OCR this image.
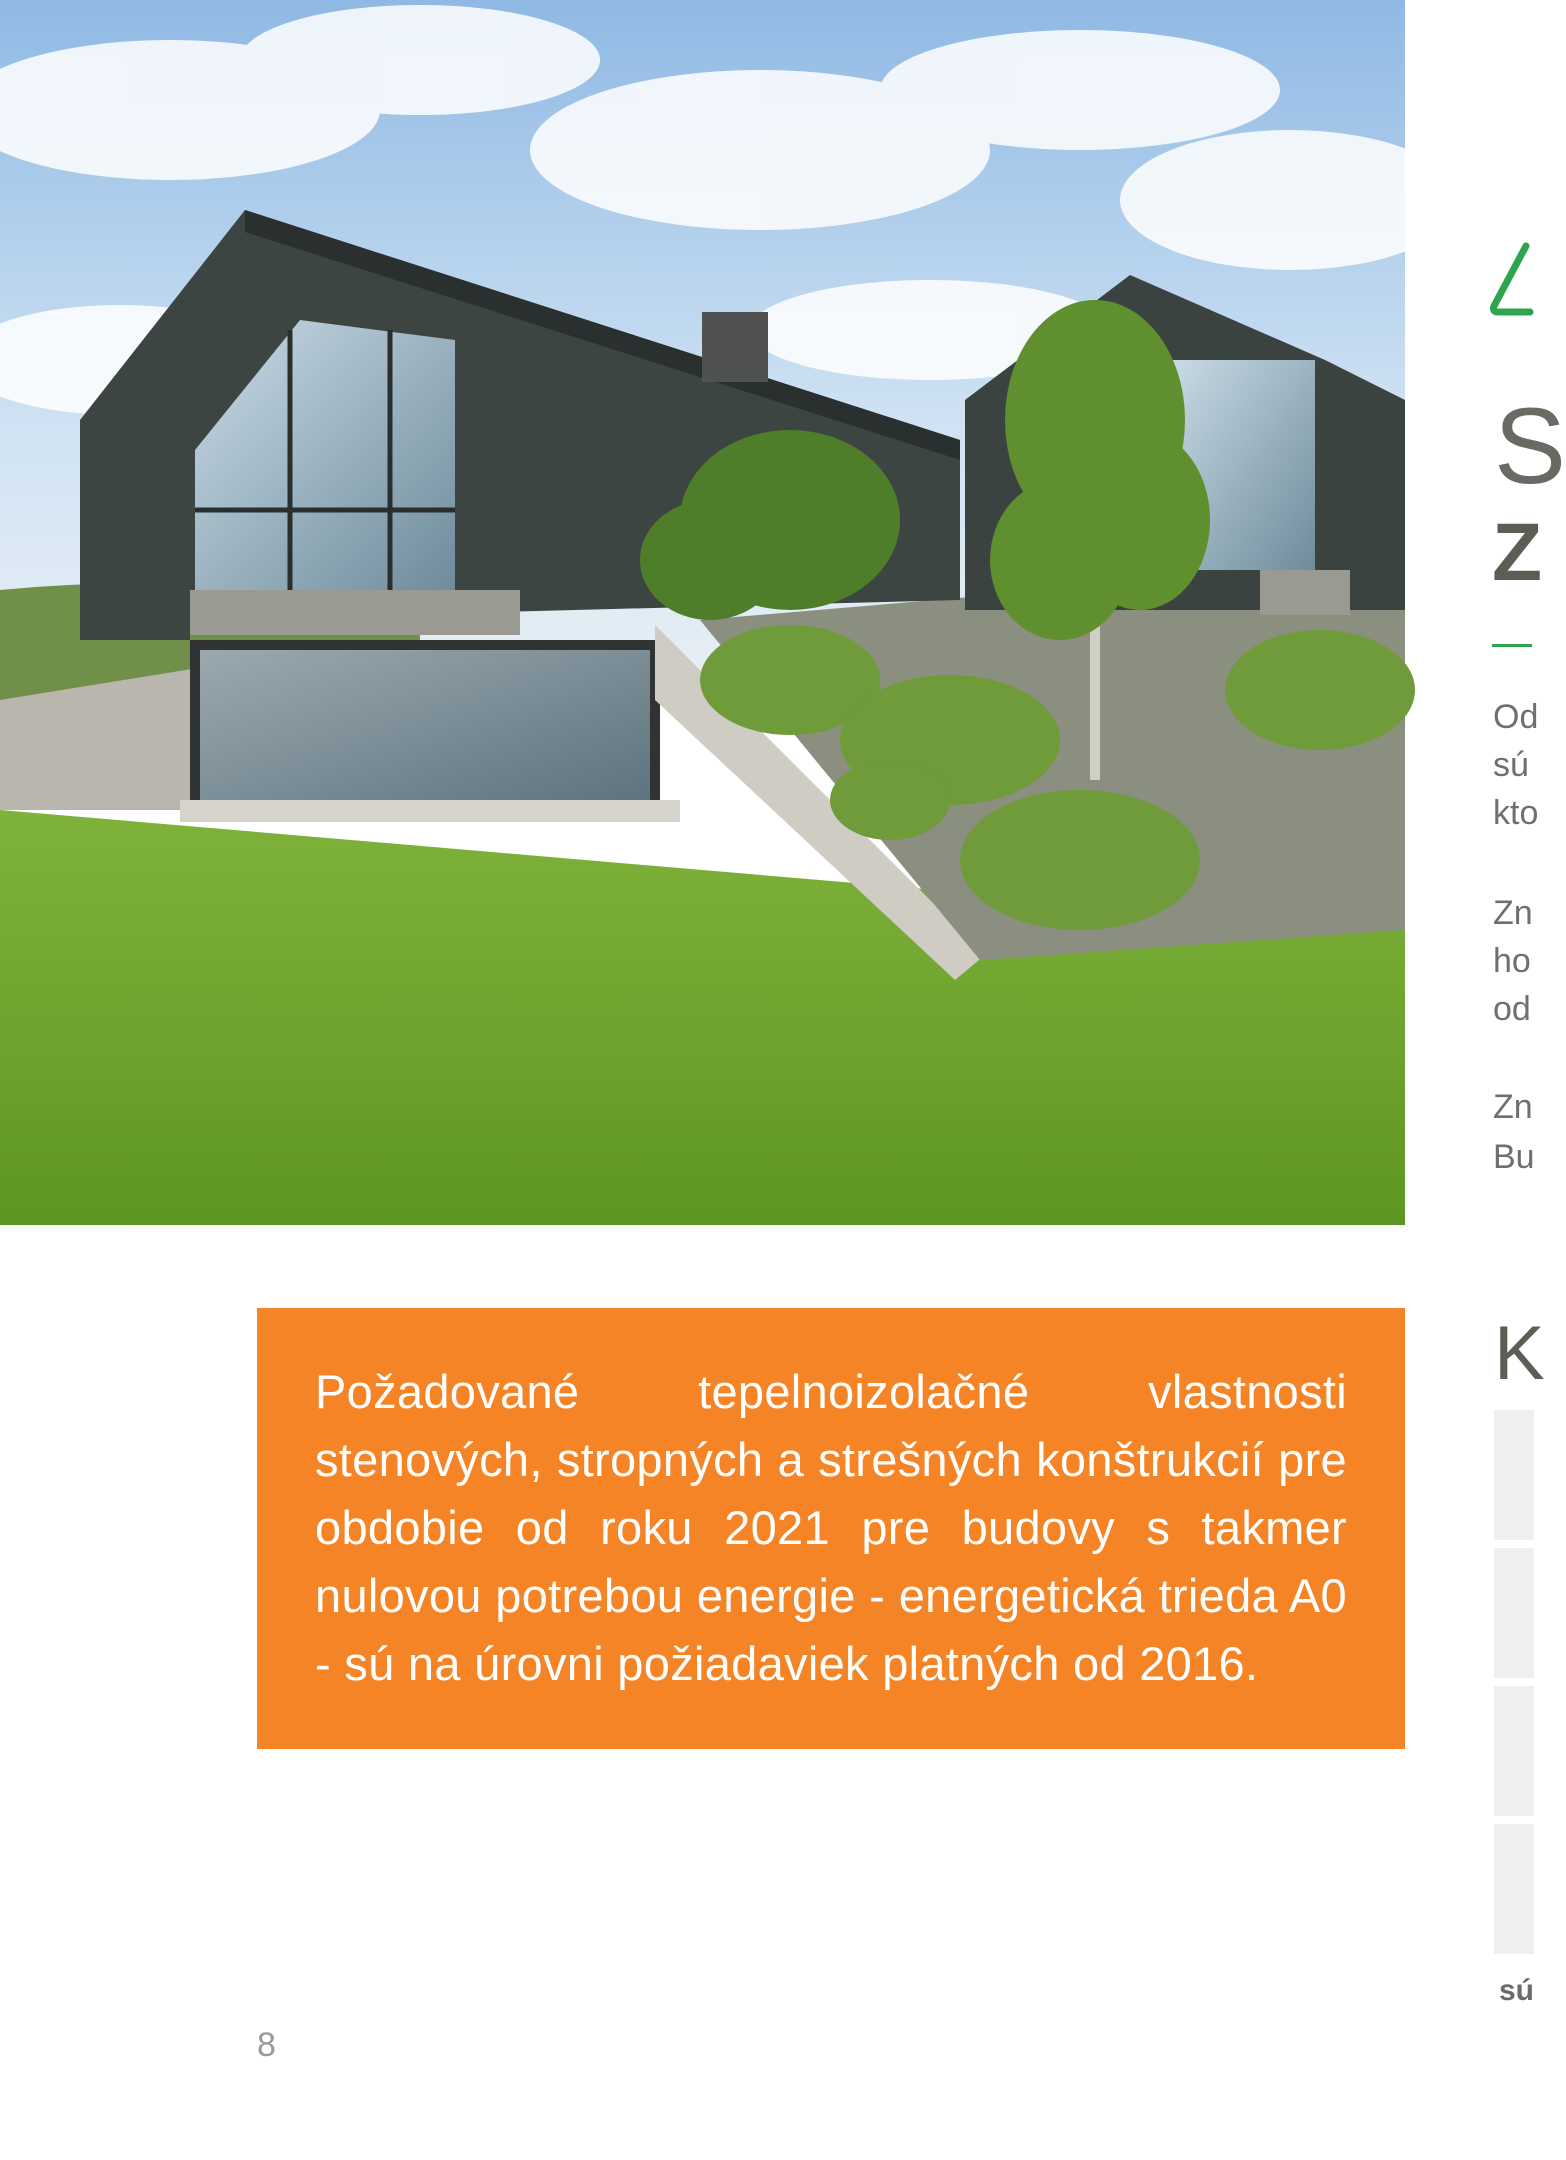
Požadované tepelnoizolačné vlastnosti stenových, stropných a strešných konštrukcií pre obdobie od roku 2021 pre budovy s takmer nulovou potrebou energie - energetická trieda A0 - sú na úrovni požiadaviek platných od 2016.

8
S
Z
Od
sú
kto
Zn
ho
od
Zn
Bu
K
sú
